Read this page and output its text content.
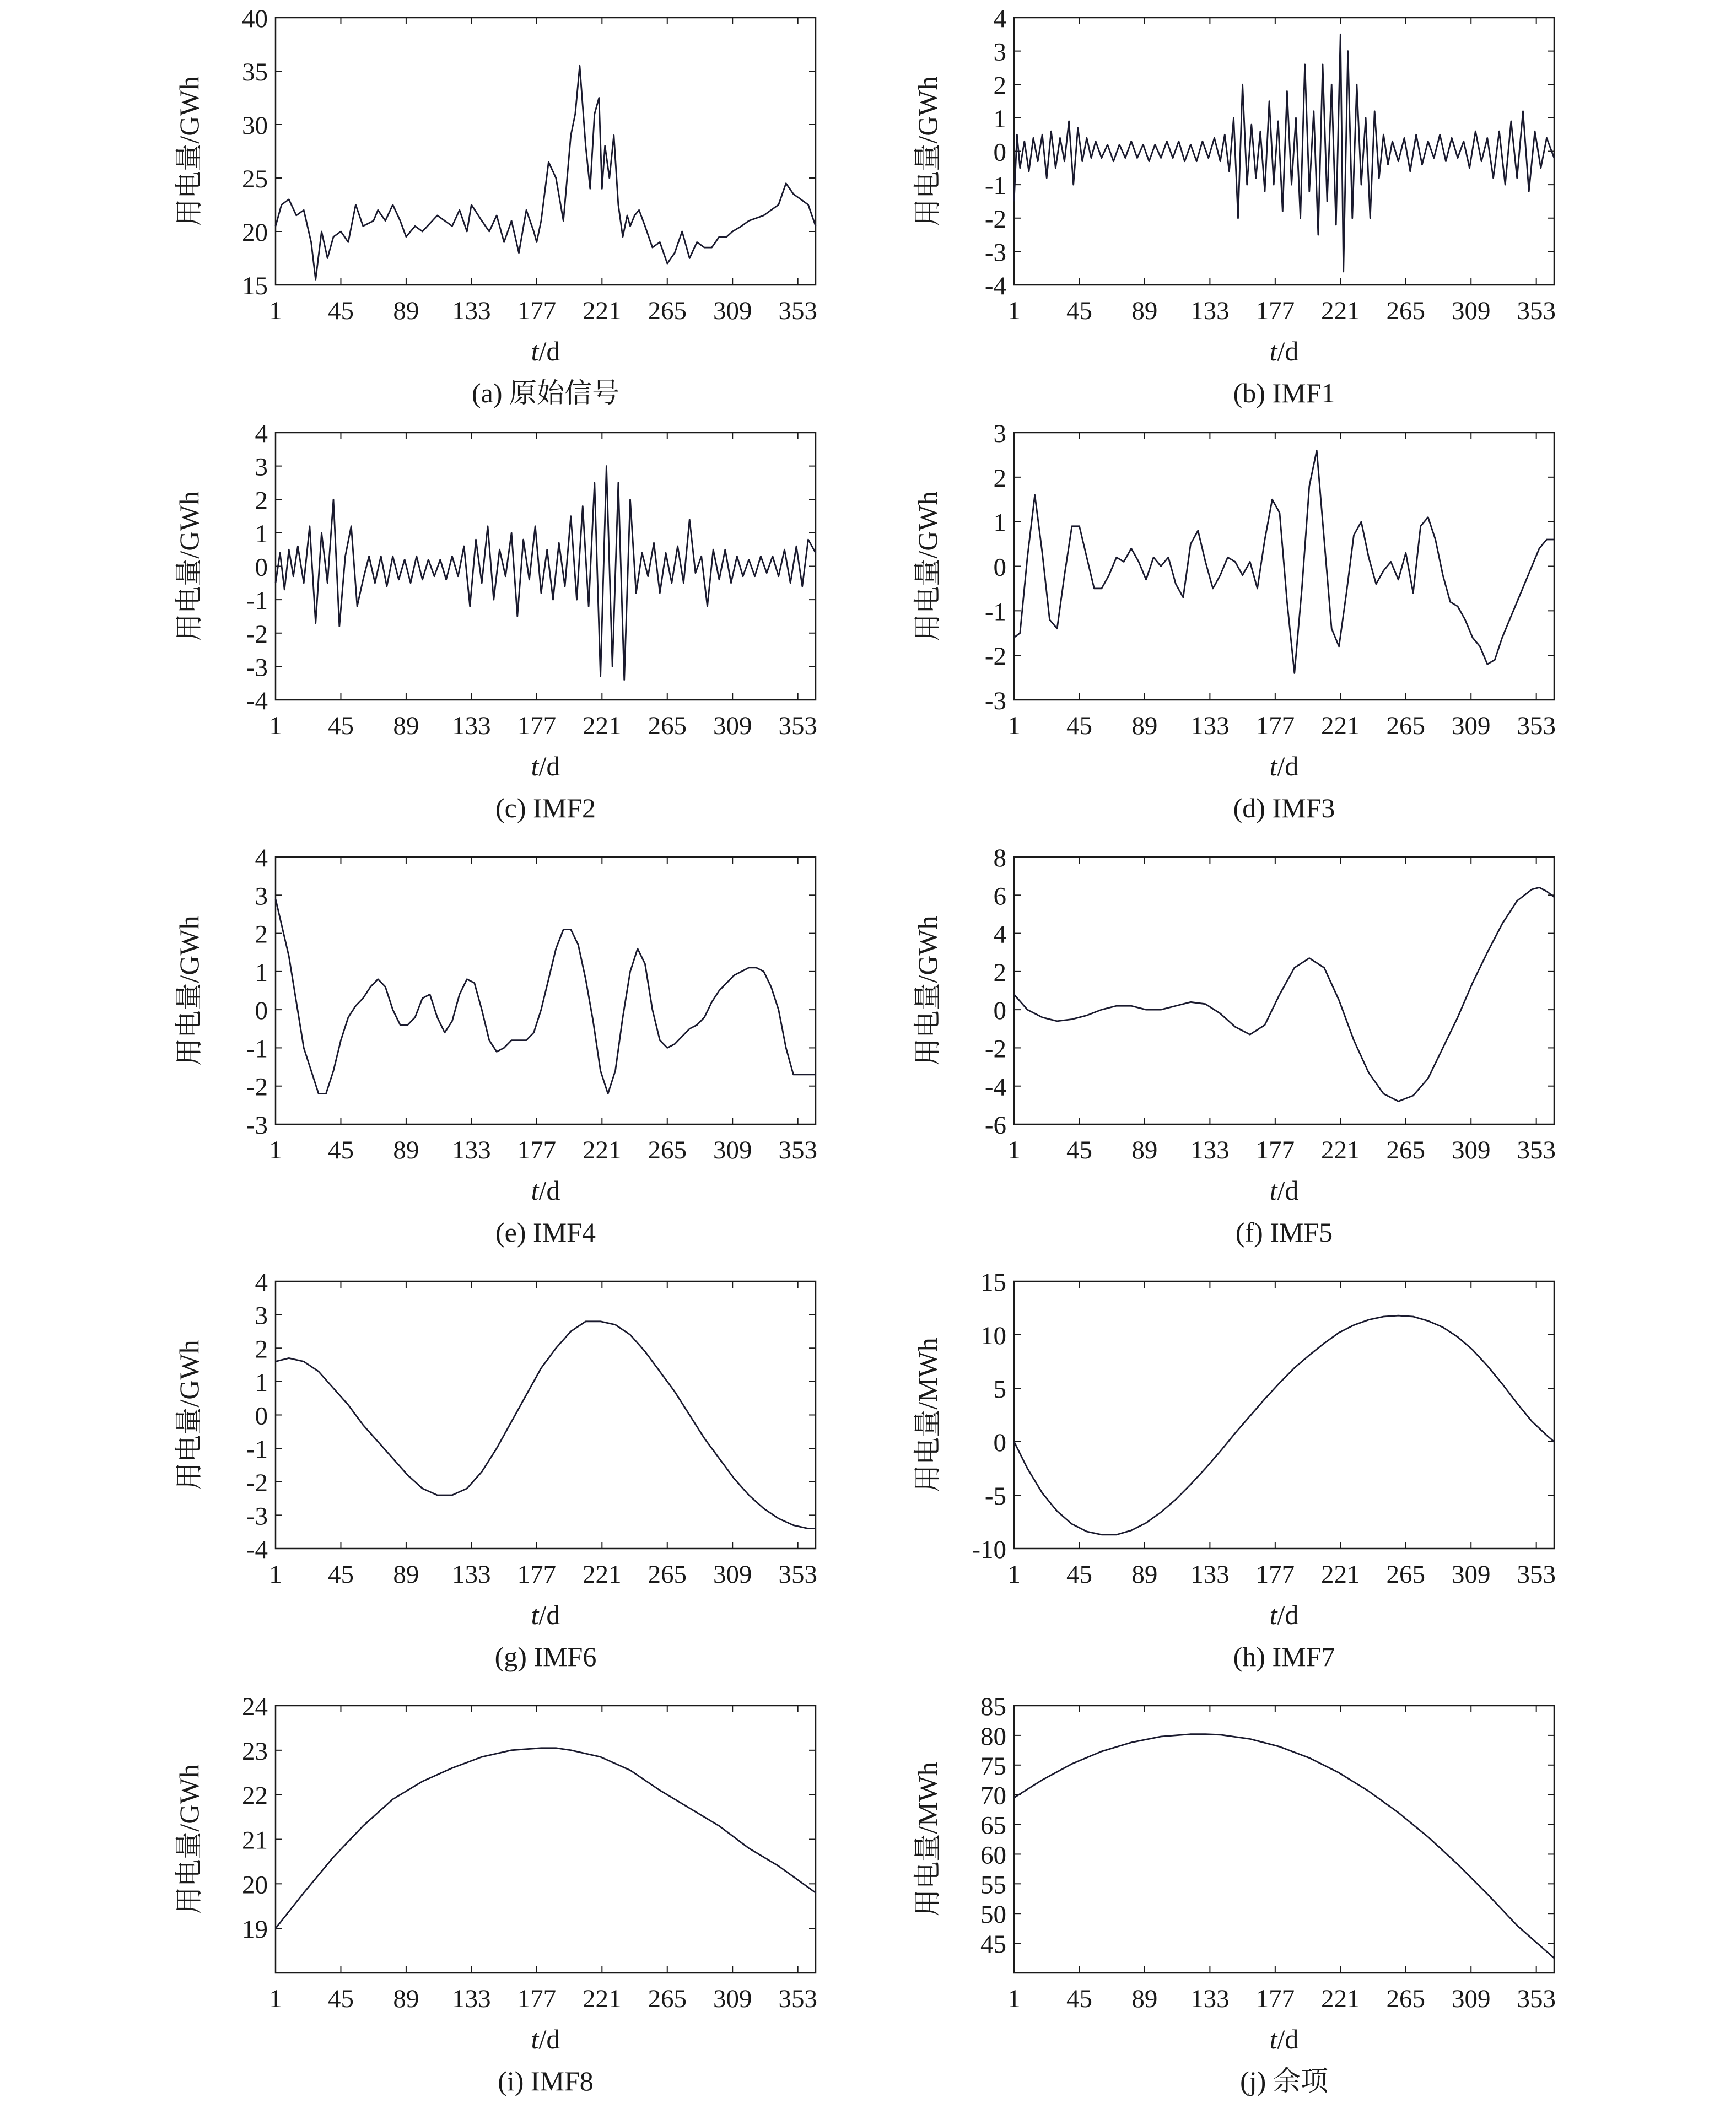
15
20
25
30
35
40
1 45 89 133 177 221 265 309 353
用电量/GWh
t/d
(a) 原始信号
-4
-3
-2
-1
0
1
2
3
4
1 45 89 133 177 221 265 309 353
用电量/GWh
t/d
(b) IMF1
-4
-3
-2
-1
0
1
2
3
4
1 45 89 133 177 221 265 309 353
用电量/GWh
t/d
(c) IMF2
-3
-2
-1
0
1
2
3
1 45 89 133 177 221 265 309 353
用电量/GWh
t/d
(d) IMF3
-3
-2
-1
0
1
2
3
4
1 45 89 133 177 221 265 309 353
用电量/GWh
t/d
(e) IMF4
-6
-4
-2
0
2
4
6
8
1 45 89 133 177 221 265 309 353
用电量/GWh
t/d
(f) IMF5
-4
-3
-2
-1
0
1
2
3
4
1 45 89 133 177 221 265 309 353
用电量/GWh
t/d
(g) IMF6
-10
-5
0
5
10
15
1 45 89 133 177 221 265 309 353
用电量/MWh
t/d
(h) IMF7
19
20
21
22
23
24
1 45 89 133 177 221 265 309 353
用电量/GWh
t/d
(i) IMF8
45
50
55
60
65
70
75
80
85
1 45 89 133 177 221 265 309 353
用电量/MWh
t/d
(j) 余项
